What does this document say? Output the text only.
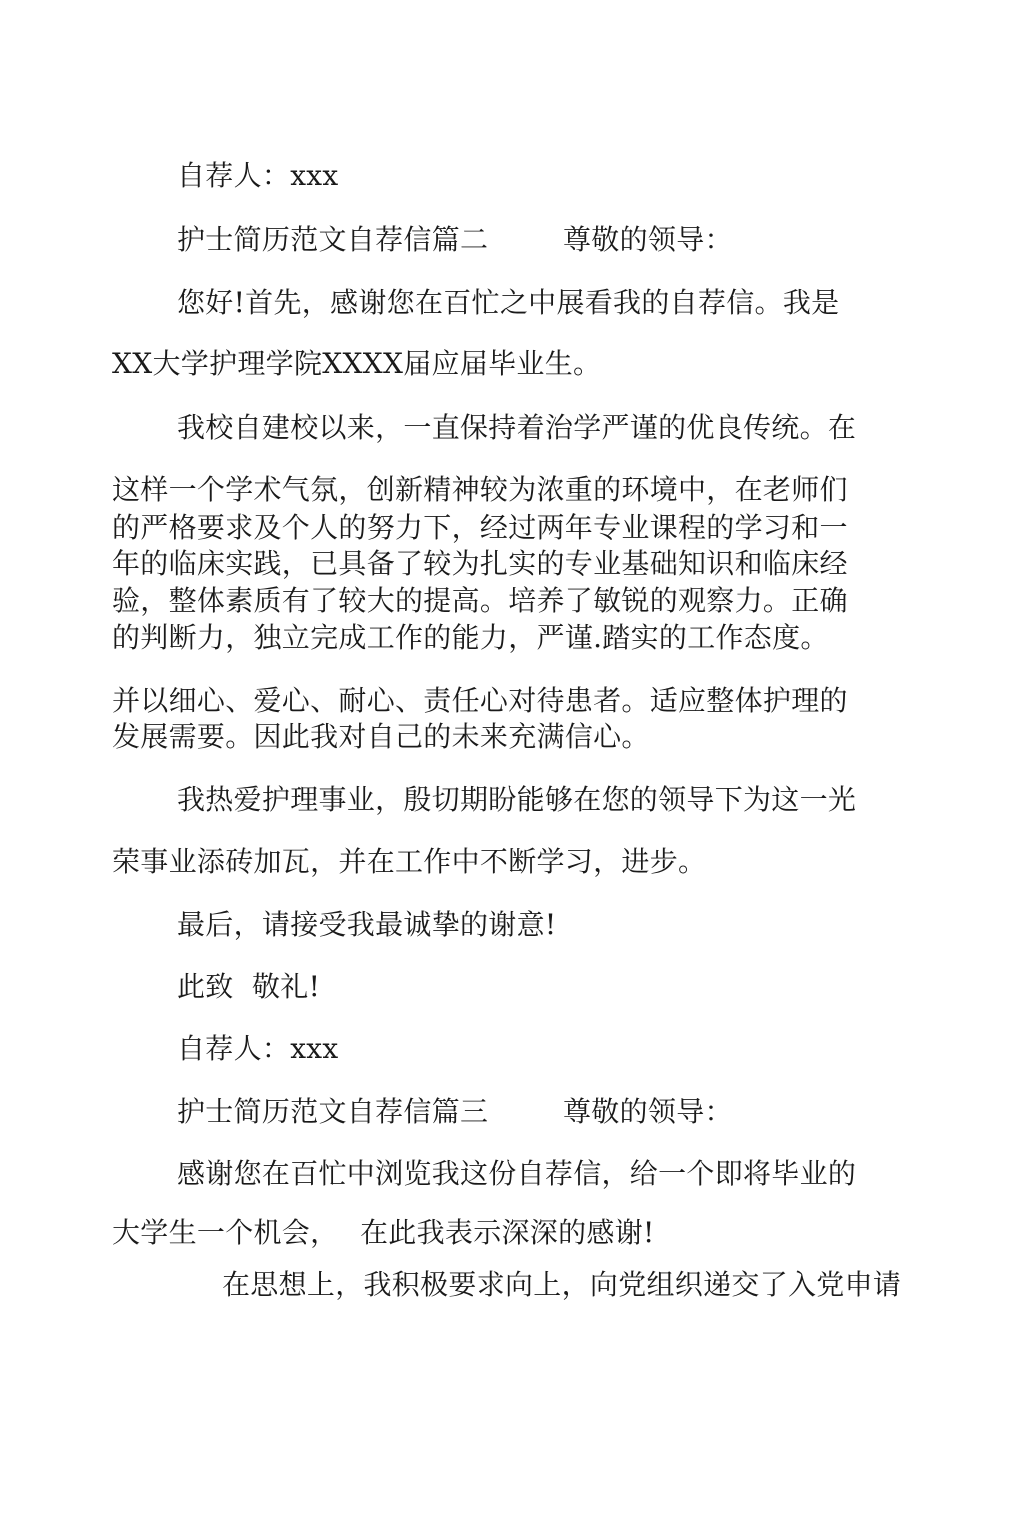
自荐人：xxx
护士简历范文自荐信篇二	尊敬的领导：
您好!首先，感谢您在百忙之中展看我的自荐信。我是
XX大学护理学院XXXX届应届毕业生。
我校自建校以来，一直保持着治学严谨的优良传统。在
这样一个学术气氛，创新精神较为浓重的环境中，在老师们
的严格要求及个人的努力下，经过两年专业课程的学习和一
年的临床实践，已具备了较为扎实的专业基础知识和临床经
验，整体素质有了较大的提高。培养了敏锐的观察力。正确
的判断力，独立完成工作的能力，严谨.踏实的工作态度。
并以细心、爱心、耐心、责任心对待患者。适应整体护理的
发展需要。因此我对自己的未来充满信心。
我热爱护理事业，殷切期盼能够在您的领导下为这一光
荣事业添砖加瓦，并在工作中不断学习，进步。
最后，请接受我最诚挚的谢意!
此致  敬礼!
自荐人：xxx
护士简历范文自荐信篇三	尊敬的领导：
感谢您在百忙中浏览我这份自荐信，给一个即将毕业的
大学生一个机会， 在此我表示深深的感谢!
在思想上，我积极要求向上，向党组织递交了入党申请
